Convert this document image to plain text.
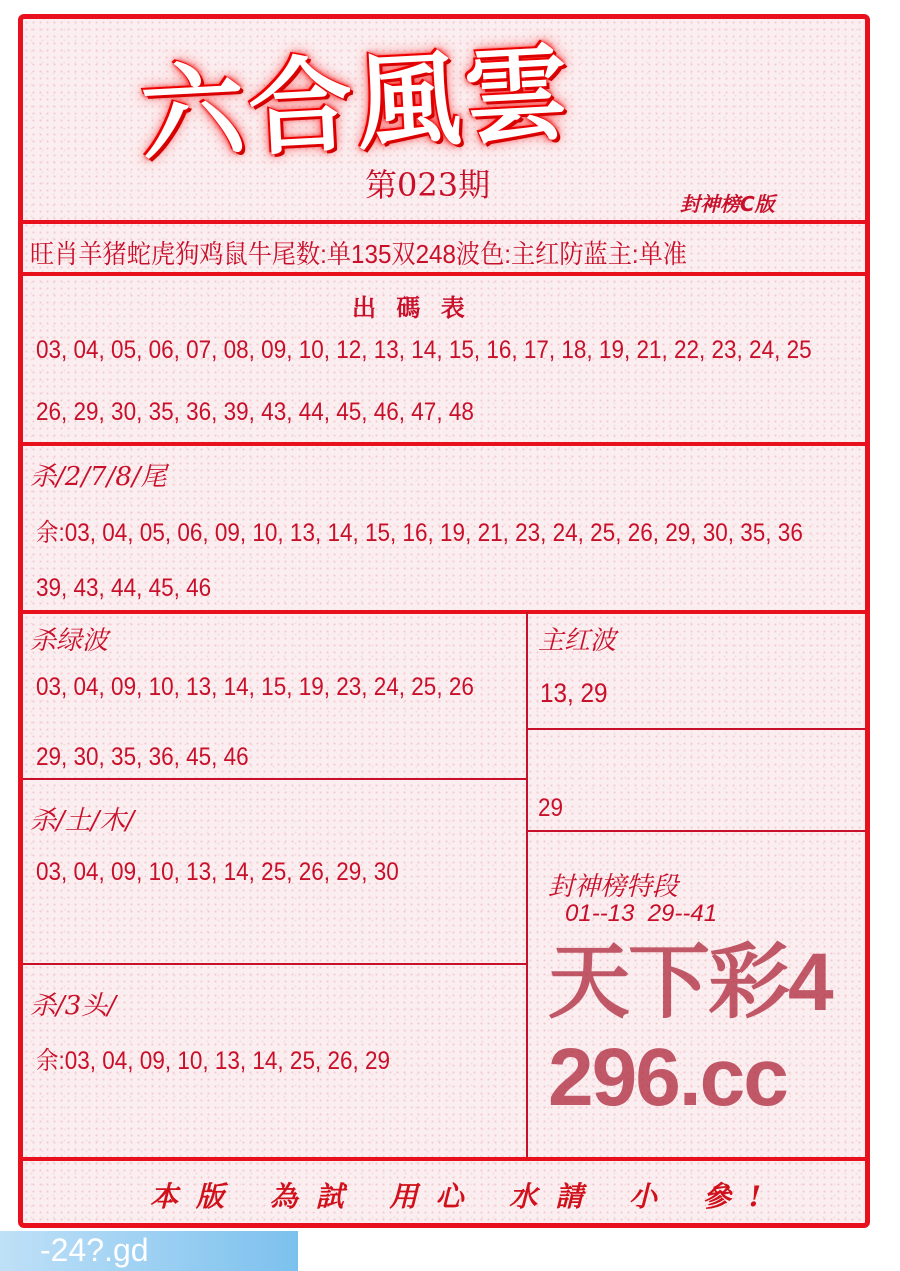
六合風雲
第023期	封神榜C版
旺肖羊猪蛇虎狗鸡鼠牛尾数:单135双248波色:主红防蓝主:单准
出 碼 表
03, 04, 05, 06, 07, 08, 09, 10, 12, 13, 14, 15, 16, 17, 18, 19, 21, 22, 23, 24, 25
26, 29, 30, 35, 36, 39, 43, 44, 45, 46, 47, 48
杀/2/7/8/尾
余:03, 04, 05, 06, 09, 10, 13, 14, 15, 16, 19, 21, 23, 24, 25, 26, 29, 30, 35, 36
39, 43, 44, 45, 46
杀绿波
03, 04, 09, 10, 13, 14, 15, 19, 23, 24, 25, 26
29, 30, 35, 36, 45, 46
杀/土/木/
03, 04, 09, 10, 13, 14, 25, 26, 29, 30
杀/3头/
余:03, 04, 09, 10, 13, 14, 25, 26, 29
主红波
13, 29
29
封神榜特段
01--13  29--41
本版 為試 用心 水請 小 參!
-24?.gd
天下彩4296.cc
